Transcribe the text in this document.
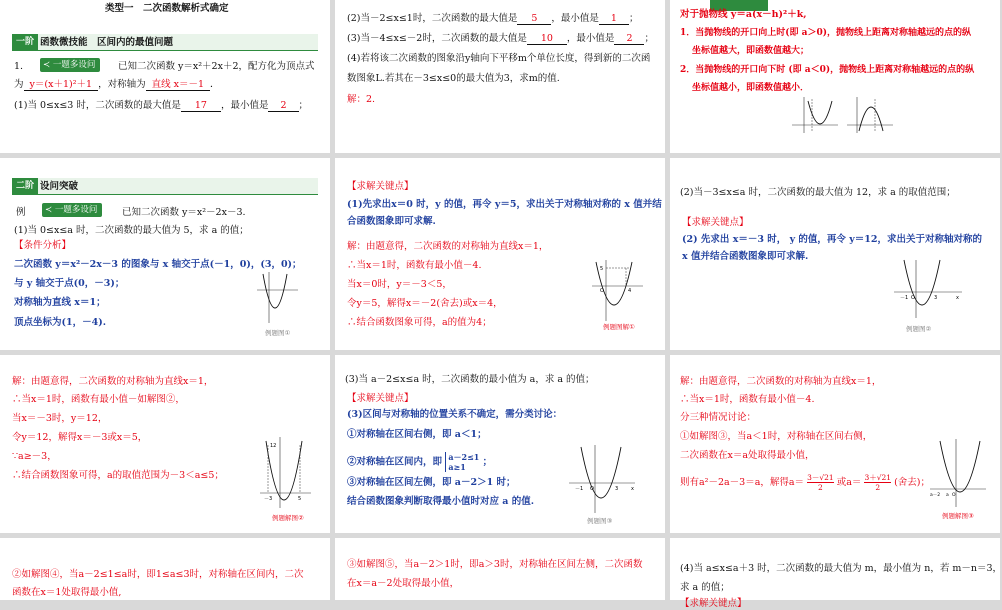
类型一　二次函数解析式确定
一阶 函数微技能　区间内的最值问题
1.	≺ 一题多设问	已知二次函数 y＝x²＋2x＋2，配方化为顶点式
为 y＝(x＋1)²＋1 ，对称轴为 直线 x＝－1 ．
(1)当 0≤x≤3 时，二次函数的最大值是 17 ，最小值是 2 ；
(2)当－2≤x≤1时，二次函数的最大值是 5 ，最小值是 1 ；
(3)当－4≤x≤－2时，二次函数的最大值是 10 ，最小值是 2 ；
(4)若将该二次函数的图象沿y轴向下平移m个单位长度，得到新的二次函
数图象L.若其在－3≤x≤0的最大值为3，求m的值.
解：2.
对于抛物线 y＝a(x－h)²＋k,
1．当抛物线的开口向上时(即 a＞0)，抛物线上距离对称轴越远的点的纵
坐标值越大，即函数值越大；
2．当抛物线的开口向下时 (即 a＜0)，抛物线上距离对称轴越远的点的纵
坐标值越小，即函数值越小．
二阶 设问突破
例	≺ 一题多设问	已知二次函数 y＝x²－2x－3.
(1)当 0≤x≤a 时，二次函数的最大值为 5，求 a 的值；
【条件分析】
二次函数 y＝x²－2x－3 的图象与 x 轴交于点(－1，0)，(3，0)；
与 y 轴交于点(0，－3)；
对称轴为直线 x＝1；
顶点坐标为(1，－4).
例题图①
【求解关键点】
(1)先求出x＝0 时，y 的值，再令 y＝5，求出关于对称轴对称的 x 值并结
合函数图象即可求解.
解：由题意得，二次函数的对称轴为直线x＝1，
∴当x＝1时，函数有最小值－4.
当x＝0时，y＝－3＜5，
令y＝5，解得x＝－2(舍去)或x＝4，
∴结合函数图象可得，a的值为4；
5
4
O
例题图解①
(2)当－3≤x≤a 时，二次函数的最大值为 12，求 a 的取值范围；
【求解关键点】
(2) 先求出 x＝－3 时， y 的值，再令 y＝12，求出关于对称轴对称的
x 值并结合函数图象即可求解.
－1 O	3	x
例题图②
解：由题意得，二次函数的对称轴为直线x＝1，
∴当x＝1时，函数有最小值－如解图②，
当x＝－3时，y＝12，
令y＝12，解得x＝－3或x＝5，
∵a≥－3，
∴结合函数图象可得，a的取值范围为－3＜a≤5；
12
－3	5
例题解图②
(3)当 a－2≤x≤a 时，二次函数的最小值为 a，求 a 的值；
【求解关键点】
(3)区间与对称轴的位置关系不确定，需分类讨论：
①对称轴在区间右侧，即 a＜1；
②对称轴在区间内，即 a－2≤1
a≥1 ；
③对称轴在区间左侧，即 a－2＞1 时；
结合函数图象判断取得最小值时对应 a 的值.
－1 O	3	x
例题图③
解：由题意得，二次函数的对称轴为直线x＝1，
∴当x＝1时，函数有最小值－4.
分三种情况讨论：
①如解图③，当a＜1时，对称轴在区间右侧，
二次函数在x＝a处取得最小值，
则有a²－2a－3＝a，解得$a= \frac{3-√21}{2}$ 或$a= \frac{3+√21}{2}$ (舍去)；
a－2 a O
例题解图③
②如解图④，当a－2≤1≤a时，即1≤a≤3时，对称轴在区间内，二次
函数在x＝1处取得最小值,
③如解图⑤，当a－2＞1时，即a＞3时，对称轴在区间左侧，二次函数
在x＝a－2处取得最小值，
(4)当 a≤x≤a＋3 时，二次函数的最大值为 m，最小值为 n，若 m－n＝3，
求 a 的值；
【求解关键点】
